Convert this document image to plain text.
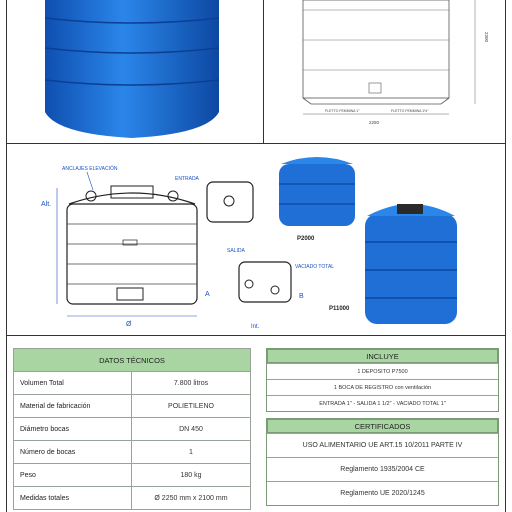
2300
2250
FLETTO FEMMINA 1"	FLETTO FEMMINA 1½"
ANCLAJES ELEVACIÓN
Alt.
Ø
ENTRADA
SALIDA
VACIADO TOTAL
A	B
Int.
P2000
P11000
DATOS TÉCNICOS	
Volumen Total	7.800 litros
Material de fabricación	POLIETILENO
Diámetro bocas	DN 450
Número de bocas	1
Peso	180 kg
Medidas totales	Ø 2250 mm x 2100 mm
INCLUYE
1 DEPOSITO P7500
1 BOCA DE REGISTRO con ventilación
ENTRADA 1" - SALIDA 1 1/2" - VACIADO TOTAL 1"
CERTIFICADOS
USO ALIMENTARIO UE ART.15 10/2011 PARTE IV
Reglamento 1935/2004 CE
Reglamento UE 2020/1245
